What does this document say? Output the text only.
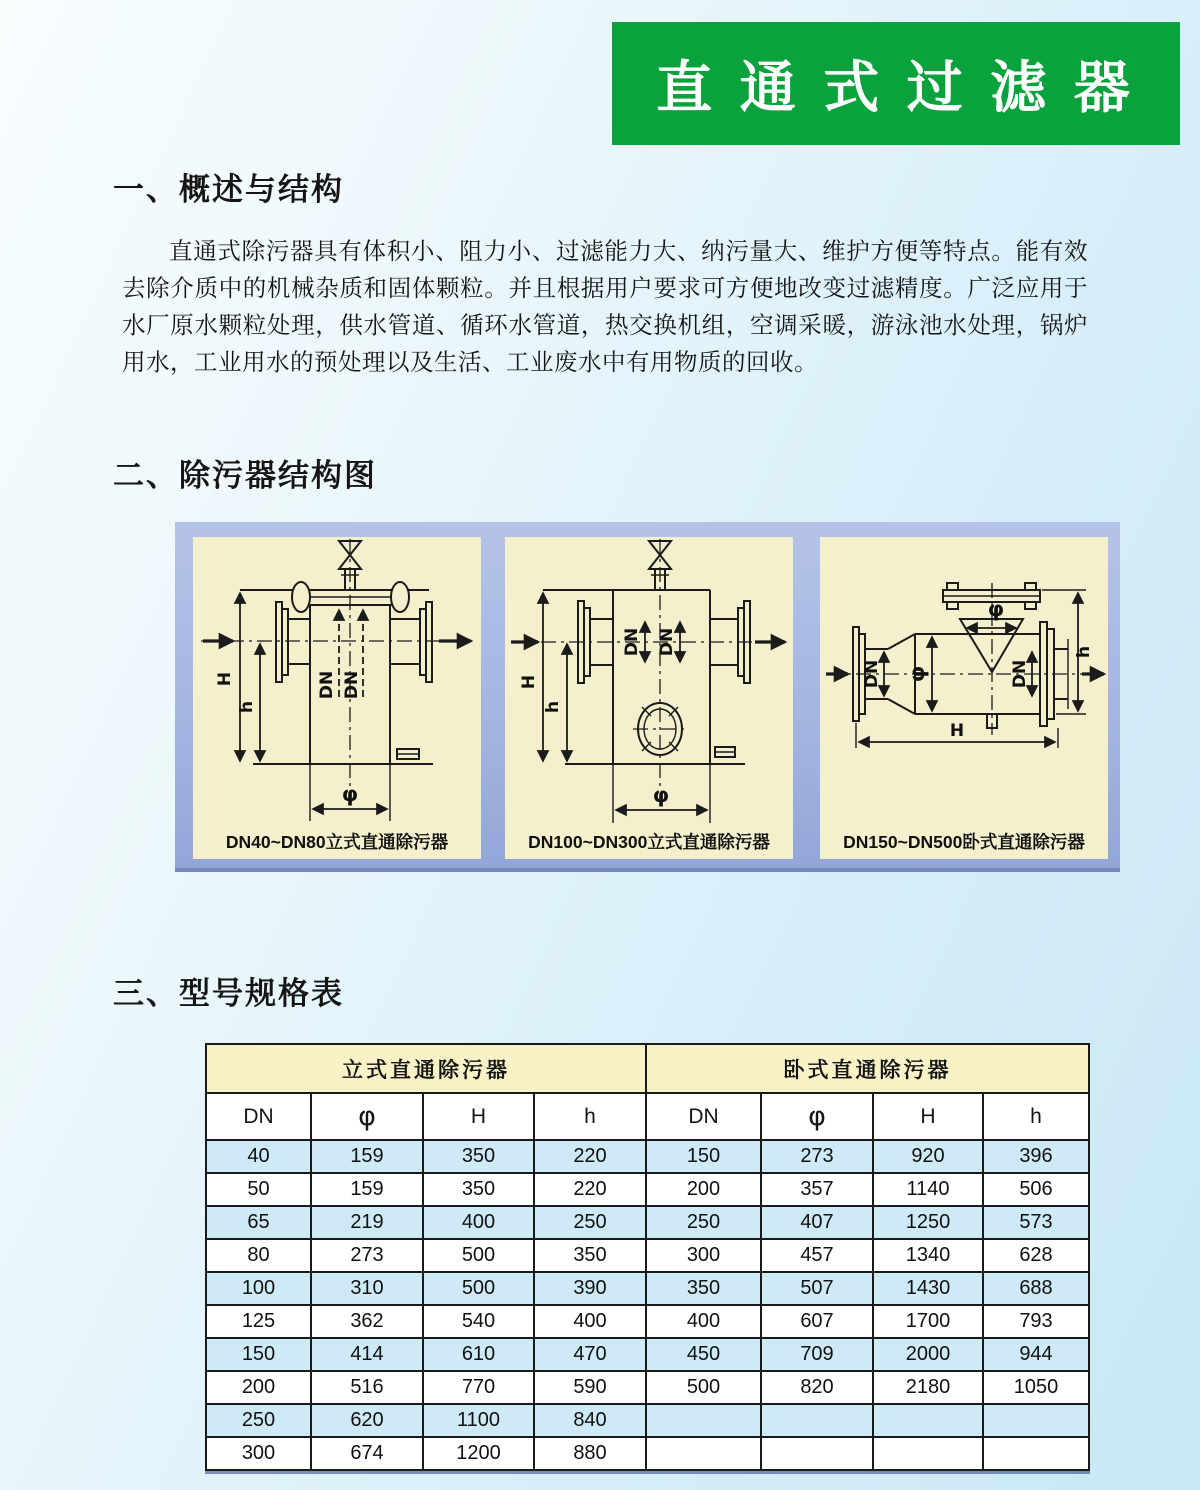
直 通 式 过 滤 器
一、概述与结构
直通式除污器具有体积小、阻力小、过滤能力大、纳污量大、维护方便等特点。能有效去除介质中的机械杂质和固体颗粒。并且根据用户要求可方便地改变过滤精度。广泛应用于水厂原水颗粒处理，供水管道、循环水管道，热交换机组，空调采暖，游泳池水处理，锅炉用水，工业用水的预处理以及生活、工业废水中有用物质的回收。
二、除污器结构图
H
h
DN DN
φ
DN40~DN80立式直通除污器
H
h
DN DN
φ
DN100~DN300立式直通除污器
φ
DN	DN
φ
h
H
DN150~DN500卧式直通除污器
三、型号规格表
立式直通除污器				卧式直通除污器			
DN	φ	H	h	DN	φ	H	h
40	159	350	220	150	273	920	396
50	159	350	220	200	357	1140	506
65	219	400	250	250	407	1250	573
80	273	500	350	300	457	1340	628
100	310	500	390	350	507	1430	688
125	362	540	400	400	607	1700	793
150	414	610	470	450	709	2000	944
200	516	770	590	500	820	2180	1050
250	620	1100	840				
300	674	1200	880				
